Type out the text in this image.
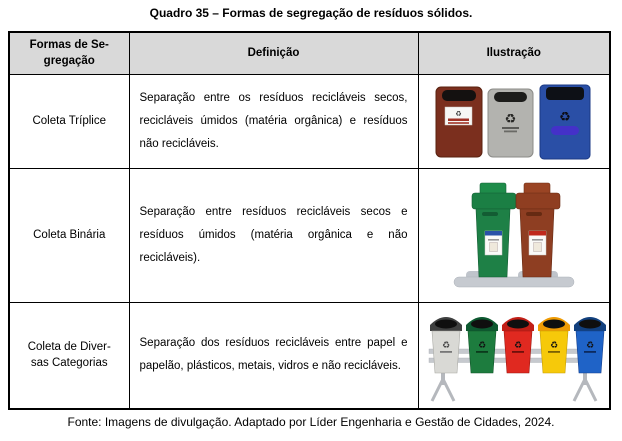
Quadro 35 – Formas de segregação de resíduos sólidos.
Formas de Se-
gregação	Definição	Ilustração

Coleta Tríplice	Separação entre os resíduos recicláveis secos, recicláveis úmidos (matéria orgânica) e resíduos não recicláveis.	♻ ♻ ♻

Coleta Binária	Separação entre resíduos recicláveis secos e resíduos úmidos (matéria orgânica e não recicláveis).	

Coleta de Diver-
sas Categorias	Separação dos resíduos recicláveis entre papel e papelão, plásticos, metais, vidros e não recicláveis.	♻ ♻ ♻ ♻ ♻
Fonte: Imagens de divulgação. Adaptado por Líder Engenharia e Gestão de Cidades, 2024.
